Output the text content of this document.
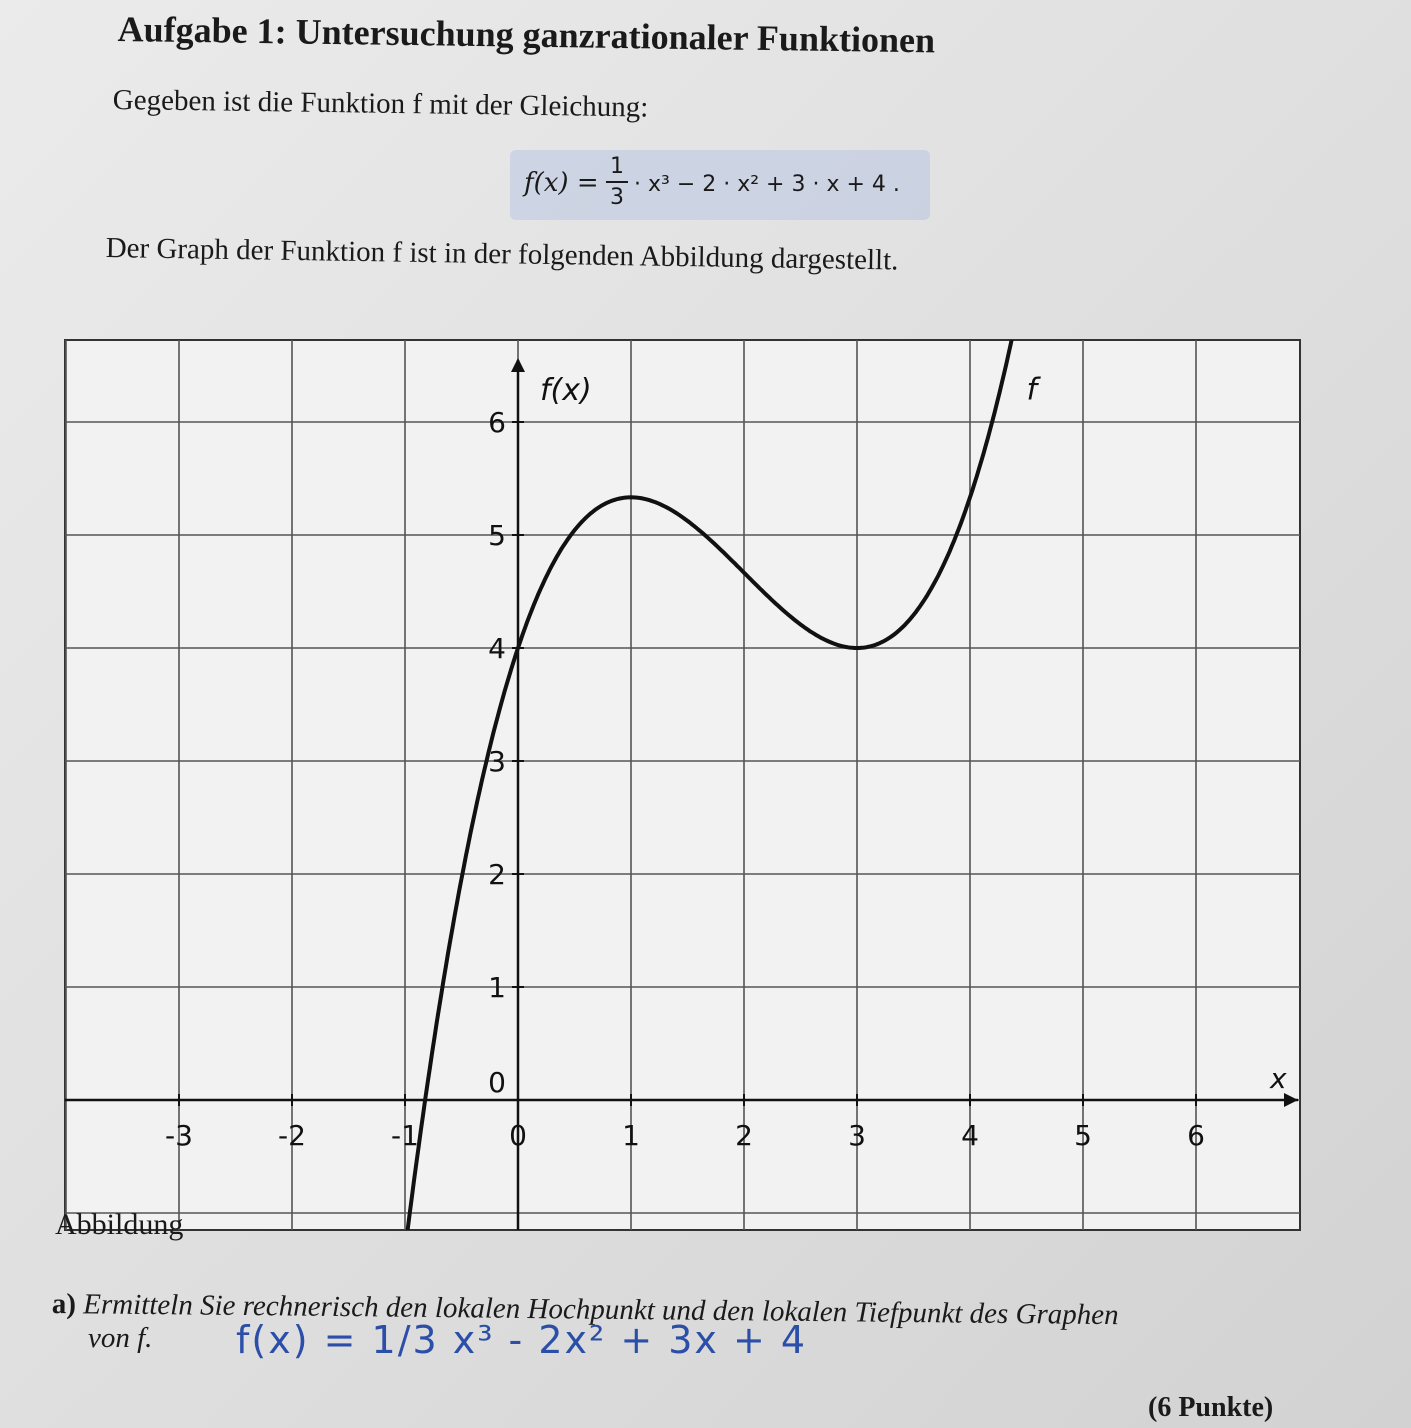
Aufgabe 1: Untersuchung ganzrationaler Funktionen
Gegeben ist die Funktion f mit der Gleichung:
f(x) =
1
3
· x³ − 2 · x² + 3 · x + 4 .
Der Graph der Funktion f ist in der folgenden Abbildung dargestellt.
-3	-2	-1	0	1	2	3	4	5	6
0
1
2
3
4
5
6
x
f(x)	f
Abbildung
a) Ermitteln Sie rechnerisch den lokalen Hochpunkt und den lokalen Tiefpunkt des Graphen
von f. f(x) = 1/3 x³ - 2x² + 3x + 4
(6 Punkte)
